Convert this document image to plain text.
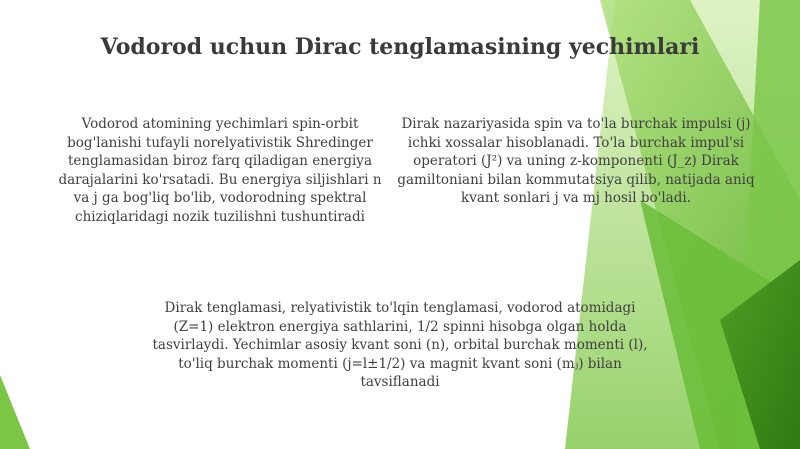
Vodorod uchun Dirac tenglamasining yechimlari

Vodorod atomining yechimlari spin-orbit bog'lanishi tufayli norelyativistik Shredinger tenglamasidan biroz farq qiladigan energiya darajalarini ko'rsatadi. Bu energiya siljishlari n va j ga bog'liq bo'lib, vodorodning spektral chiziqlaridagi nozik tuzilishni tushuntiradi

Dirak nazariyasida spin va to'la burchak impulsi (j) ichki xossalar hisoblanadi. To'la burchak impul'si operatori (J²) va uning z-komponenti (J_z) Dirak gamiltoniani bilan kommutatsiya qilib, natijada aniq kvant sonlari j va mj hosil bo'ladi.

Dirak tenglamasi, relyativistik to'lqin tenglamasi, vodorod atomidagi (Z=1) elektron energiya sathlarini, 1/2 spinni hisobga olgan holda tasvirlaydi. Yechimlar asosiy kvant soni (n), orbital burchak momenti (l), to'liq burchak momenti (j=l±1/2) va magnit kvant soni (mⱼ) bilan tavsiflanadi
